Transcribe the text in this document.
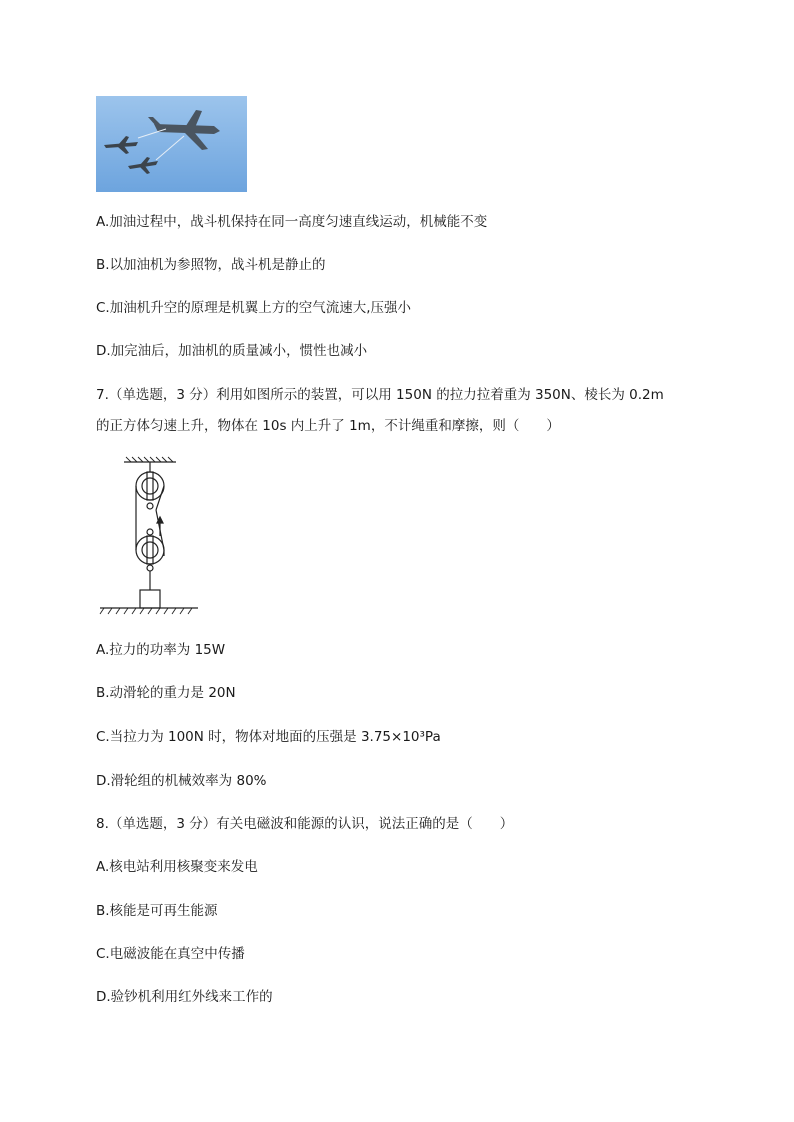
A.加油过程中，战斗机保持在同一高度匀速直线运动，机械能不变
B.以加油机为参照物，战斗机是静止的
C.加油机升空的原理是机翼上方的空气流速大,压强小
D.加完油后，加油机的质量减小，惯性也减小
7.（单选题，3 分）利用如图所示的装置，可以用 150N 的拉力拉着重为 350N、棱长为 0.2m
的正方体匀速上升，物体在 10s 内上升了 1m，不计绳重和摩擦，则（　　）
A.拉力的功率为 15W
B.动滑轮的重力是 20N
C.当拉力为 100N 时，物体对地面的压强是 3.75×10³Pa
D.滑轮组的机械效率为 80%
8.（单选题，3 分）有关电磁波和能源的认识，说法正确的是（　　）
A.核电站利用核聚变来发电
B.核能是可再生能源
C.电磁波能在真空中传播
D.验钞机利用红外线来工作的
